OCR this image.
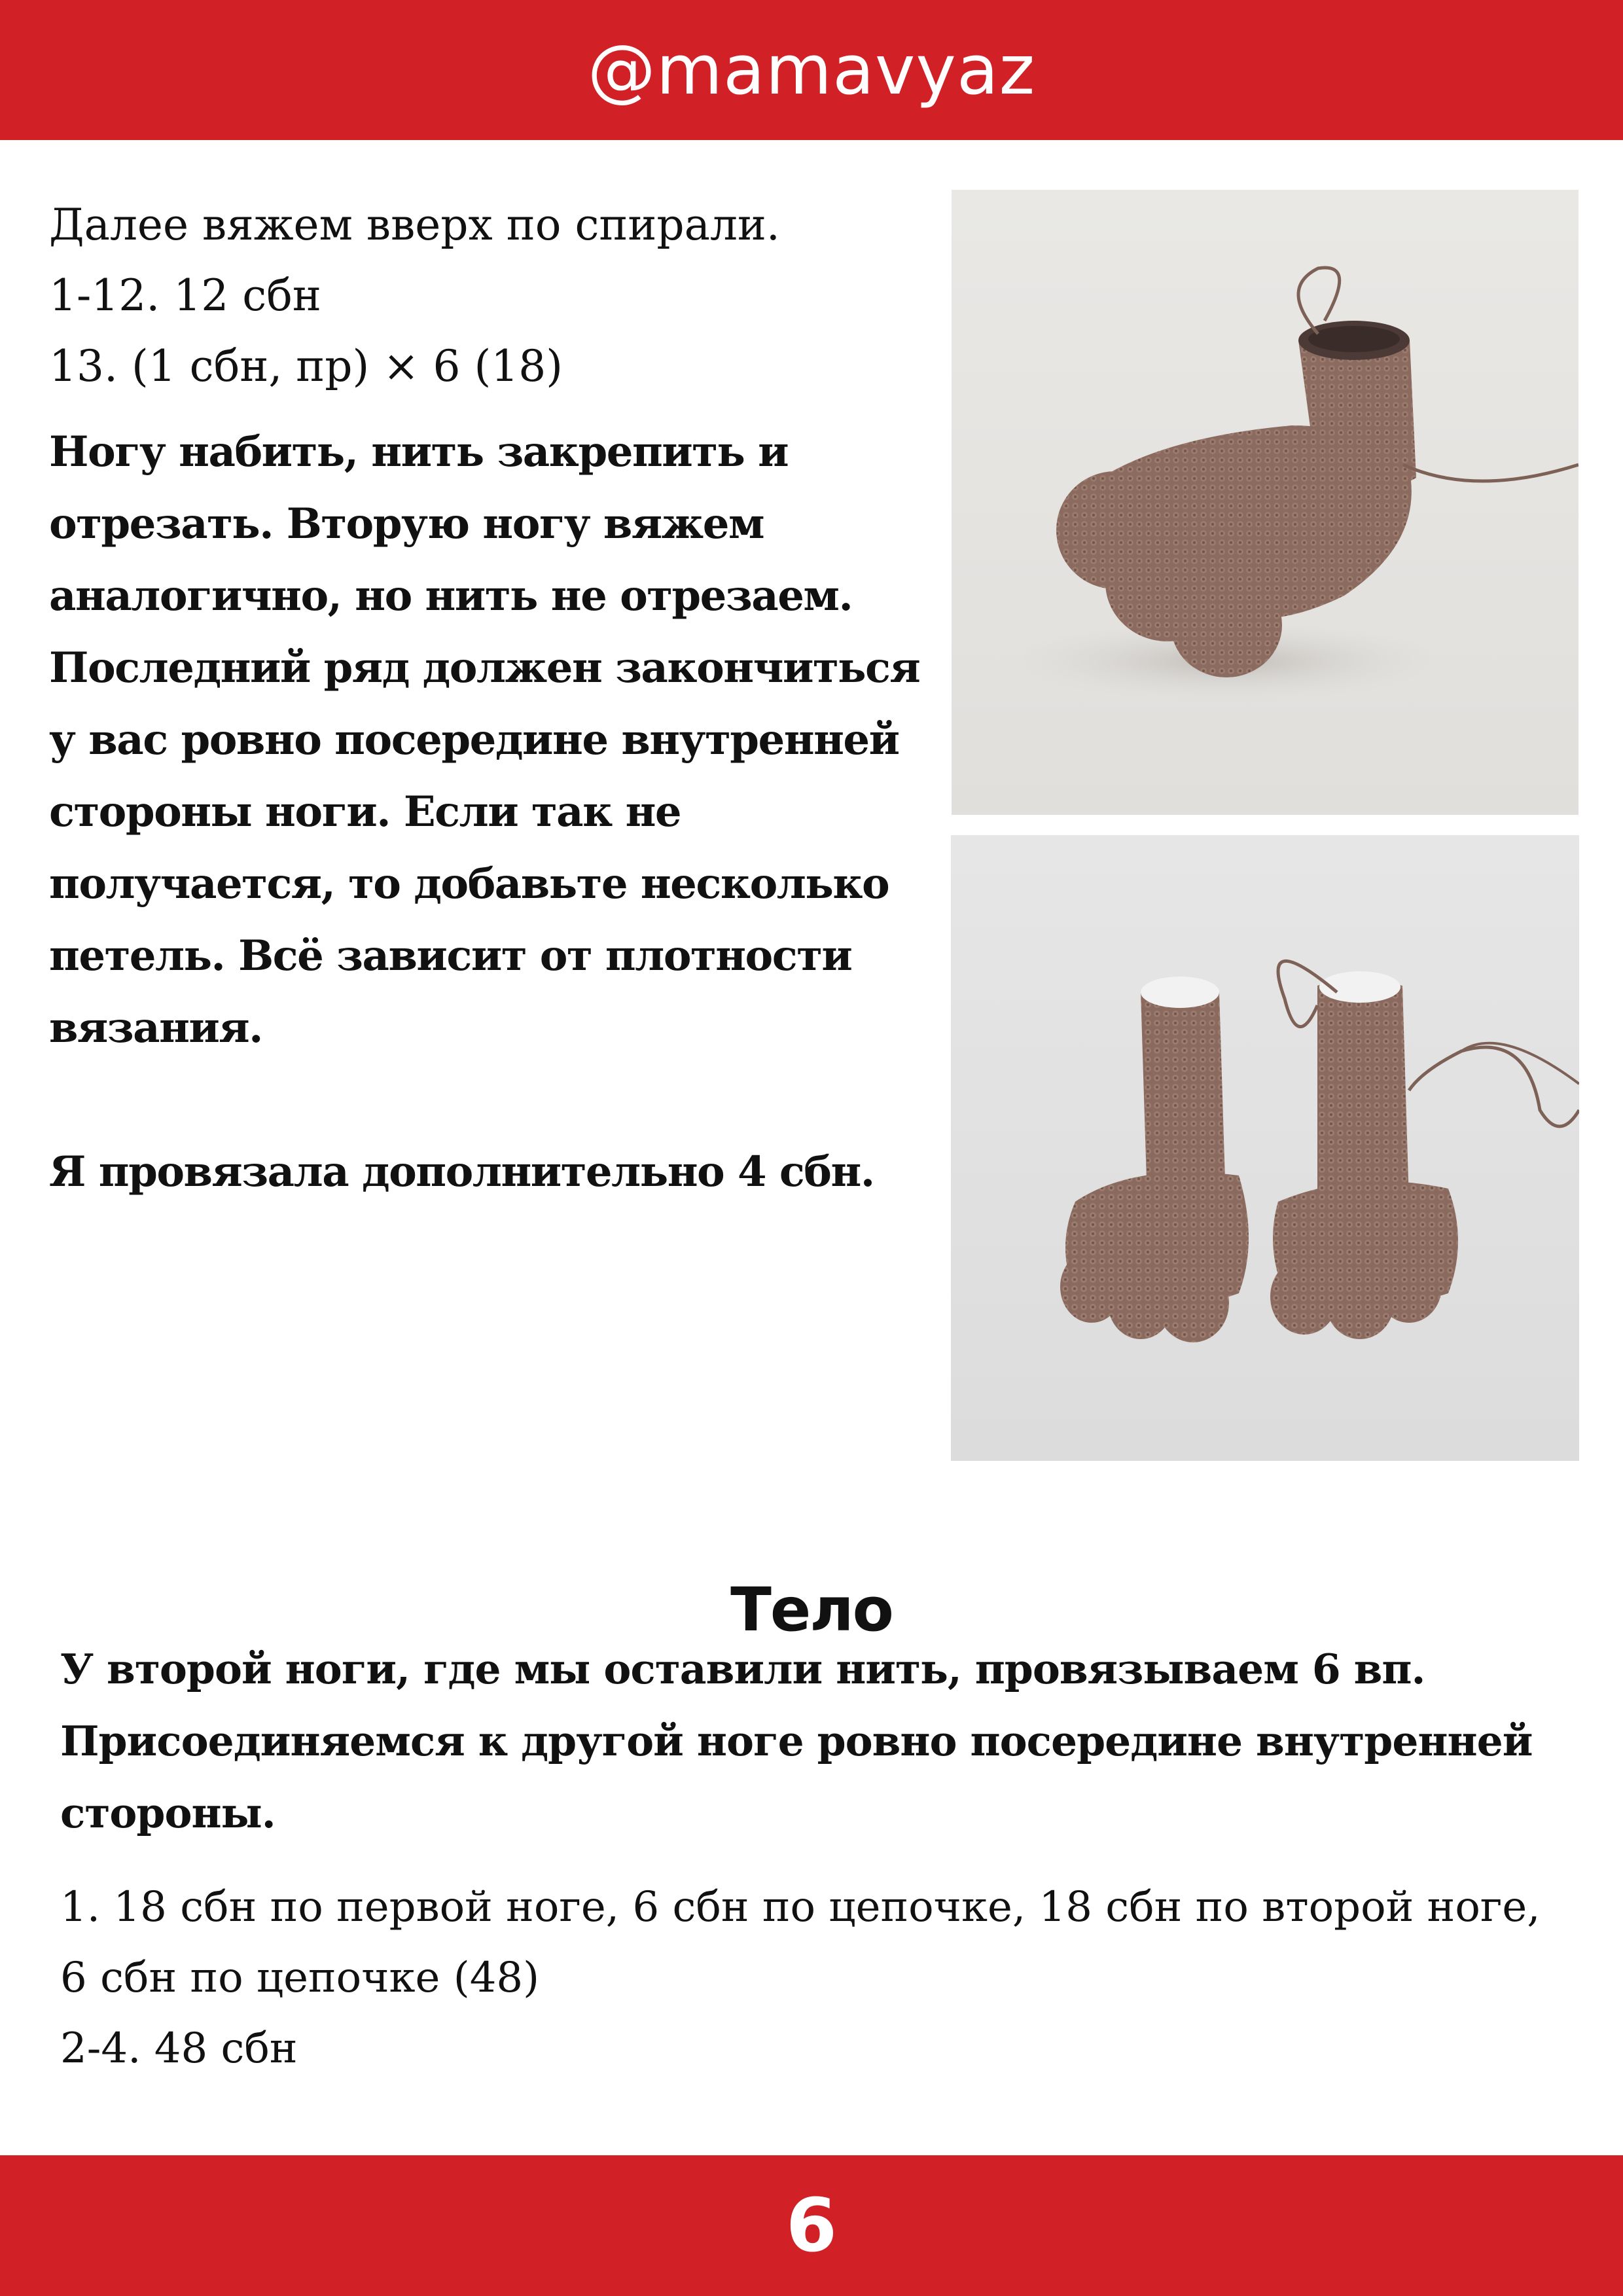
@mamavyaz

Далее вяжем вверх по спирали.

1-12. 12 сбн

13. (1 сбн, пр) × 6 (18)

Ногу набить, нить закрепить и

отрезать. Вторую ногу вяжем

аналогично, но нить не отрезаем.

Последний ряд должен закончиться

у вас ровно посередине внутренней

стороны ноги. Если так не

получается, то добавьте несколько

петель. Всё зависит от плотности

вязания.

Я провязала дополнительно 4 сбн.

Тело

У второй ноги, где мы оставили нить, провязываем 6 вп.

Присоединяемся к другой ноге ровно посередине внутренней

стороны.

1. 18 сбн по первой ноге, 6 сбн по цепочке, 18 сбн по второй ноге,

6 сбн по цепочке (48)

2-4. 48 сбн

6
